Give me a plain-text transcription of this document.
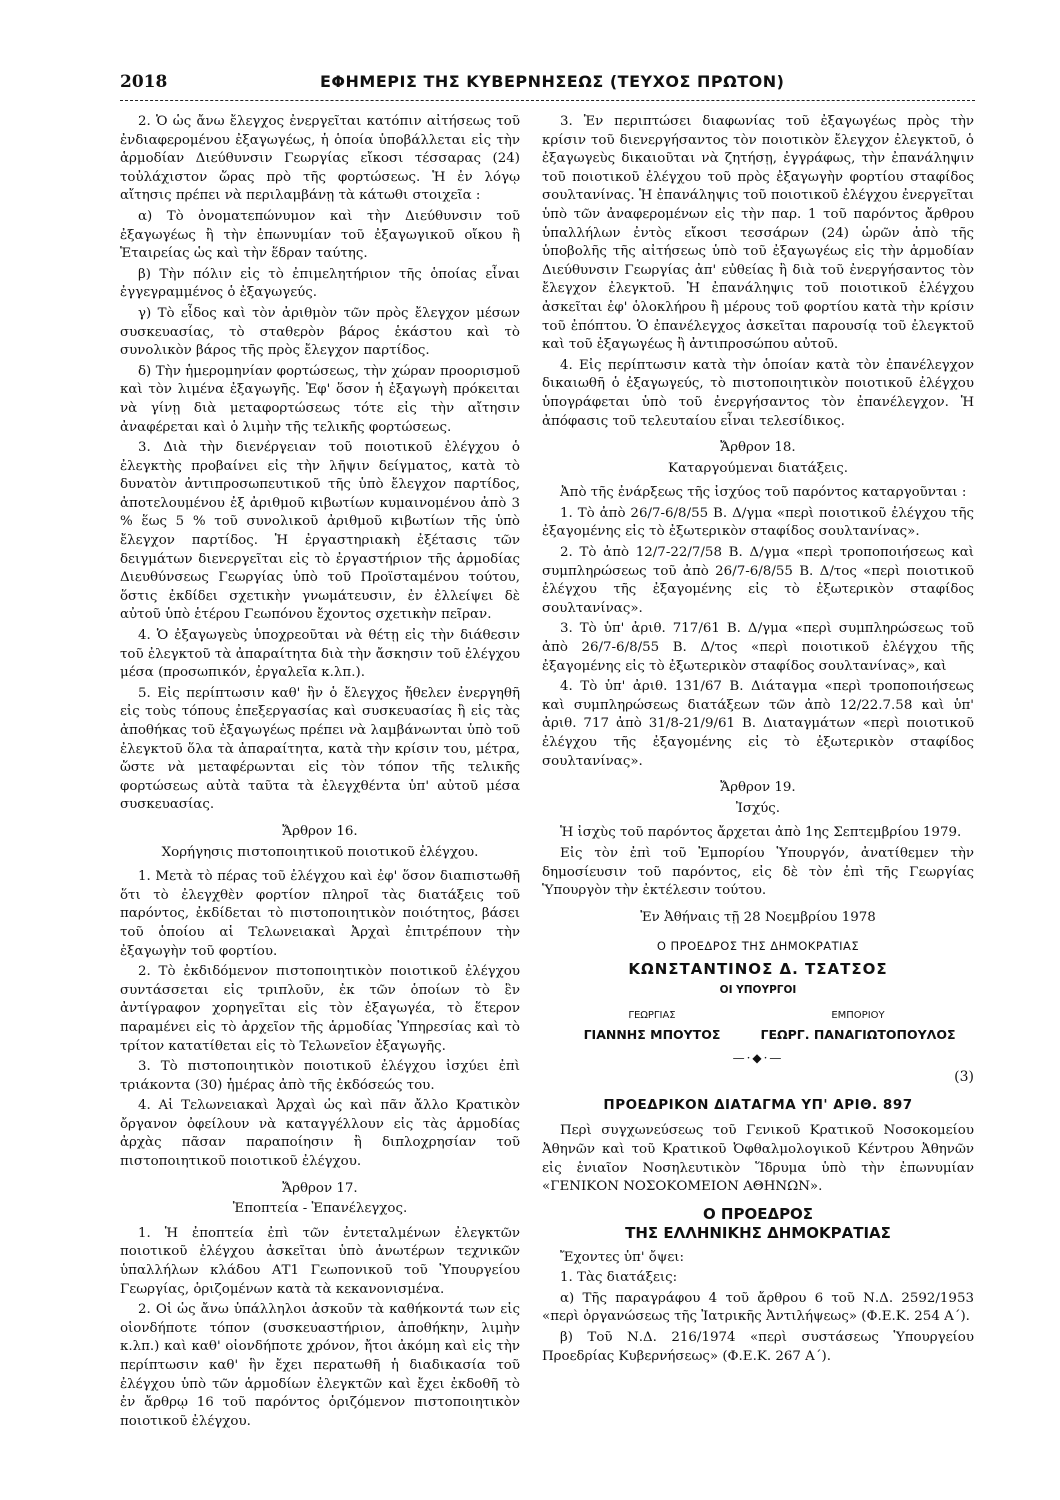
2018	ΕΦΗΜΕΡΙΣ ΤΗΣ ΚΥΒΕΡΝΗΣΕΩΣ (ΤΕΥΧΟΣ ΠΡΩΤΟΝ)

2. Ὁ ὡς ἄνω ἔλεγχος ἐνεργεῖται κατόπιν αἰτήσεως τοῦ ἐνδιαφερομένου ἐξαγωγέως, ἡ ὁποία ὑποβάλλεται εἰς τὴν ἁρμοδίαν Διεύθυνσιν Γεωργίας εἴκοσι τέσσαρας (24) τοὐλάχιστον ὥρας πρὸ τῆς φορτώσεως. Ἡ ἐν λόγῳ αἴτησις πρέπει νὰ περιλαμβάνῃ τὰ κάτωθι στοιχεῖα :

α) Τὸ ὀνοματεπώνυμον καὶ τὴν Διεύθυνσιν τοῦ ἐξαγωγέως ἢ τὴν ἐπωνυμίαν τοῦ ἐξαγωγικοῦ οἴκου ἢ Ἑταιρείας ὡς καὶ τὴν ἕδραν ταύτης.

β) Τὴν πόλιν εἰς τὸ ἐπιμελητήριον τῆς ὁποίας εἶναι ἐγγεγραμμένος ὁ ἐξαγωγεύς.

γ) Τὸ εἶδος καὶ τὸν ἀριθμὸν τῶν πρὸς ἔλεγχον μέσων συσκευασίας, τὸ σταθερὸν βάρος ἑκάστου καὶ τὸ συνολικὸν βάρος τῆς πρὸς ἔλεγχον παρτίδος.

δ) Τὴν ἡμερομηνίαν φορτώσεως, τὴν χώραν προορισμοῦ καὶ τὸν λιμένα ἐξαγωγῆς. Ἐφ' ὅσον ἡ ἐξαγωγὴ πρόκειται νὰ γίνῃ διὰ μεταφορτώσεως τότε εἰς τὴν αἴτησιν ἀναφέρεται καὶ ὁ λιμὴν τῆς τελικῆς φορτώσεως.

3. Διὰ τὴν διενέργειαν τοῦ ποιοτικοῦ ἐλέγχου ὁ ἐλεγκτὴς προβαίνει εἰς τὴν λῆψιν δείγματος, κατὰ τὸ δυνατὸν ἀντιπροσωπευτικοῦ τῆς ὑπὸ ἔλεγχον παρτίδος, ἀποτελουμένου ἐξ ἀριθμοῦ κιβωτίων κυμαινομένου ἀπὸ 3 % ἕως 5 % τοῦ συνολικοῦ ἀριθμοῦ κιβωτίων τῆς ὑπὸ ἔλεγχον παρτίδος. Ἡ ἐργαστηριακὴ ἐξέτασις τῶν δειγμάτων διενεργεῖται εἰς τὸ ἐργαστήριον τῆς ἁρμοδίας Διευθύνσεως Γεωργίας ὑπὸ τοῦ Προϊσταμένου τούτου, ὅστις ἐκδίδει σχετικὴν γνωμάτευσιν, ἐν ἐλλείψει δὲ αὐτοῦ ὑπὸ ἑτέρου Γεωπόνου ἔχοντος σχετικὴν πεῖραν.

4. Ὁ ἐξαγωγεὺς ὑποχρεοῦται νὰ θέτῃ εἰς τὴν διάθεσιν τοῦ ἐλεγκτοῦ τὰ ἀπαραίτητα διὰ τὴν ἄσκησιν τοῦ ἐλέγχου μέσα (προσωπικόν, ἐργαλεῖα κ.λπ.).

5. Εἰς περίπτωσιν καθ' ἣν ὁ ἔλεγχος ἤθελεν ἐνεργηθῆ εἰς τοὺς τόπους ἐπεξεργασίας καὶ συσκευασίας ἢ εἰς τὰς ἀποθήκας τοῦ ἐξαγωγέως πρέπει νὰ λαμβάνωνται ὑπὸ τοῦ ἐλεγκτοῦ ὅλα τὰ ἀπαραίτητα, κατὰ τὴν κρίσιν του, μέτρα, ὥστε νὰ μεταφέρωνται εἰς τὸν τόπον τῆς τελικῆς φορτώσεως αὐτὰ ταῦτα τὰ ἐλεγχθέντα ὑπ' αὐτοῦ μέσα συσκευασίας.

Ἄρθρον 16.
Χορήγησις πιστοποιητικοῦ ποιοτικοῦ ἐλέγχου.

1. Μετὰ τὸ πέρας τοῦ ἐλέγχου καὶ ἐφ' ὅσον διαπιστωθῆ ὅτι τὸ ἐλεγχθὲν φορτίον πληροῖ τὰς διατάξεις τοῦ παρόντος, ἐκδίδεται τὸ πιστοποιητικὸν ποιότητος, βάσει τοῦ ὁποίου αἱ Τελωνειακαὶ Ἀρχαὶ ἐπιτρέπουν τὴν ἐξαγωγὴν τοῦ φορτίου.

2. Τὸ ἐκδιδόμενον πιστοποιητικὸν ποιοτικοῦ ἐλέγχου συντάσσεται εἰς τριπλοῦν, ἐκ τῶν ὁποίων τὸ ἓν ἀντίγραφον χορηγεῖται εἰς τὸν ἐξαγωγέα, τὸ ἕτερον παραμένει εἰς τὸ ἀρχεῖον τῆς ἁρμοδίας Ὑπηρεσίας καὶ τὸ τρίτον κατατίθεται εἰς τὸ Τελωνεῖον ἐξαγωγῆς.

3. Τὸ πιστοποιητικὸν ποιοτικοῦ ἐλέγχου ἰσχύει ἐπὶ τριάκοντα (30) ἡμέρας ἀπὸ τῆς ἐκδόσεώς του.

4. Αἱ Τελωνειακαὶ Ἀρχαὶ ὡς καὶ πᾶν ἄλλο Κρατικὸν ὄργανον ὀφείλουν νὰ καταγγέλλουν εἰς τὰς ἁρμοδίας ἀρχὰς πᾶσαν παραποίησιν ἢ διπλοχρησίαν τοῦ πιστοποιητικοῦ ποιοτικοῦ ἐλέγχου.

Ἄρθρον 17.
Ἐποπτεία - Ἐπανέλεγχος.

1. Ἡ ἐποπτεία ἐπὶ τῶν ἐντεταλμένων ἐλεγκτῶν ποιοτικοῦ ἐλέγχου ἀσκεῖται ὑπὸ ἀνωτέρων τεχνικῶν ὑπαλλήλων κλάδου ΑΤ1 Γεωπονικοῦ τοῦ Ὑπουργείου Γεωργίας, ὁριζομένων κατὰ τὰ κεκανονισμένα.

2. Οἱ ὡς ἄνω ὑπάλληλοι ἀσκοῦν τὰ καθήκοντά των εἰς οἱονδήποτε τόπον (συσκευαστήριον, ἀποθήκην, λιμὴν κ.λπ.) καὶ καθ' οἱονδήποτε χρόνον, ἤτοι ἀκόμη καὶ εἰς τὴν περίπτωσιν καθ' ἣν ἔχει περατωθῆ ἡ διαδικασία τοῦ ἐλέγχου ὑπὸ τῶν ἁρμοδίων ἐλεγκτῶν καὶ ἔχει ἐκδοθῆ τὸ ἐν ἄρθρῳ 16 τοῦ παρόντος ὁριζόμενον πιστοποιητικὸν ποιοτικοῦ ἐλέγχου.

3. Ἐν περιπτώσει διαφωνίας τοῦ ἐξαγωγέως πρὸς τὴν κρίσιν τοῦ διενεργήσαντος τὸν ποιοτικὸν ἔλεγχον ἐλεγκτοῦ, ὁ ἐξαγωγεὺς δικαιοῦται νὰ ζητήσῃ, ἐγγράφως, τὴν ἐπανάληψιν τοῦ ποιοτικοῦ ἐλέγχου τοῦ πρὸς ἐξαγωγὴν φορτίου σταφίδος σουλτανίνας. Ἡ ἐπανάληψις τοῦ ποιοτικοῦ ἐλέγχου ἐνεργεῖται ὑπὸ τῶν ἀναφερομένων εἰς τὴν παρ. 1 τοῦ παρόντος ἄρθρου ὑπαλλήλων ἐντὸς εἴκοσι τεσσάρων (24) ὡρῶν ἀπὸ τῆς ὑποβολῆς τῆς αἰτήσεως ὑπὸ τοῦ ἐξαγωγέως εἰς τὴν ἁρμοδίαν Διεύθυνσιν Γεωργίας ἀπ' εὐθείας ἢ διὰ τοῦ ἐνεργήσαντος τὸν ἔλεγχον ἐλεγκτοῦ. Ἡ ἐπανάληψις τοῦ ποιοτικοῦ ἐλέγχου ἀσκεῖται ἐφ' ὁλοκλήρου ἢ μέρους τοῦ φορτίου κατὰ τὴν κρίσιν τοῦ ἐπόπτου. Ὁ ἐπανέλεγχος ἀσκεῖται παρουσίᾳ τοῦ ἐλεγκτοῦ καὶ τοῦ ἐξαγωγέως ἢ ἀντιπροσώπου αὐτοῦ.

4. Εἰς περίπτωσιν κατὰ τὴν ὁποίαν κατὰ τὸν ἐπανέλεγχον δικαιωθῆ ὁ ἐξαγωγεύς, τὸ πιστοποιητικὸν ποιοτικοῦ ἐλέγχου ὑπογράφεται ὑπὸ τοῦ ἐνεργήσαντος τὸν ἐπανέλεγχον. Ἡ ἀπόφασις τοῦ τελευταίου εἶναι τελεσίδικος.

Ἄρθρον 18.
Καταργούμεναι διατάξεις.

Ἀπὸ τῆς ἐνάρξεως τῆς ἰσχύος τοῦ παρόντος καταργοῦνται :

1. Τὸ ἀπὸ 26/7-6/8/55 Β. Δ/γμα «περὶ ποιοτικοῦ ἐλέγχου τῆς ἐξαγομένης εἰς τὸ ἐξωτερικὸν σταφίδος σουλτανίνας».

2. Τὸ ἀπὸ 12/7-22/7/58 Β. Δ/γμα «περὶ τροποποιήσεως καὶ συμπληρώσεως τοῦ ἀπὸ 26/7-6/8/55 Β. Δ/τος «περὶ ποιοτικοῦ ἐλέγχου τῆς ἐξαγομένης εἰς τὸ ἐξωτερικὸν σταφίδος σουλτανίνας».

3. Τὸ ὑπ' ἀριθ. 717/61 Β. Δ/γμα «περὶ συμπληρώσεως τοῦ ἀπὸ 26/7-6/8/55 Β. Δ/τος «περὶ ποιοτικοῦ ἐλέγχου τῆς ἐξαγομένης εἰς τὸ ἐξωτερικὸν σταφίδος σουλτανίνας», καὶ

4. Τὸ ὑπ' ἀριθ. 131/67 Β. Διάταγμα «περὶ τροποποιήσεως καὶ συμπληρώσεως διατάξεων τῶν ἀπὸ 12/22.7.58 καὶ ὑπ' ἀριθ. 717 ἀπὸ 31/8-21/9/61 Β. Διαταγμάτων «περὶ ποιοτικοῦ ἐλέγχου τῆς ἐξαγομένης εἰς τὸ ἐξωτερικὸν σταφίδος σουλτανίνας».

Ἄρθρον 19.
Ἰσχύς.

Ἡ ἰσχὺς τοῦ παρόντος ἄρχεται ἀπὸ 1ης Σεπτεμβρίου 1979.

Εἰς τὸν ἐπὶ τοῦ Ἐμπορίου Ὑπουργόν, ἀνατίθεμεν τὴν δημοσίευσιν τοῦ παρόντος, εἰς δὲ τὸν ἐπὶ τῆς Γεωργίας Ὑπουργὸν τὴν ἐκτέλεσιν τούτου.

Ἐν Ἀθήναις τῇ 28 Νοεμβρίου 1978
Ο ΠΡΟΕΔΡΟΣ ΤΗΣ ΔΗΜΟΚΡΑΤΙΑΣ
ΚΩΝΣΤΑΝΤΙΝΟΣ Δ. ΤΣΑΤΣΟΣ
ΟΙ ΥΠΟΥΡΓΟΙ
ΓΕΩΡΓΙΑΣ
ΓΙΑΝΝΗΣ ΜΠΟΥΤΟΣ
ΕΜΠΟΡΙΟΥ
ΓΕΩΡΓ. ΠΑΝΑΓΙΩΤΟΠΟΥΛΟΣ
—·◆·—
(3)
ΠΡΟΕΔΡΙΚΟΝ ΔΙΑΤΑΓΜΑ ΥΠ' ΑΡΙΘ. 897

Περὶ συγχωνεύσεως τοῦ Γενικοῦ Κρατικοῦ Νοσοκομείου Ἀθηνῶν καὶ τοῦ Κρατικοῦ Ὀφθαλμολογικοῦ Κέντρου Ἀθηνῶν εἰς ἑνιαῖον Νοσηλευτικὸν Ἵδρυμα ὑπὸ τὴν ἐπωνυμίαν «ΓΕΝΙΚΟΝ ΝΟΣΟΚΟΜΕΙΟΝ ΑΘΗΝΩΝ».

Ο ΠΡΟΕΔΡΟΣ
ΤΗΣ ΕΛΛΗΝΙΚΗΣ ΔΗΜΟΚΡΑΤΙΑΣ

Ἔχοντες ὑπ' ὄψει:

1. Τὰς διατάξεις:

α) Τῆς παραγράφου 4 τοῦ ἄρθρου 6 τοῦ Ν.Δ. 2592/1953 «περὶ ὀργανώσεως τῆς Ἰατρικῆς Ἀντιλήψεως» (Φ.Ε.Κ. 254 Α΄).

β) Τοῦ Ν.Δ. 216/1974 «περὶ συστάσεως Ὑπουργείου Προεδρίας Κυβερνήσεως» (Φ.Ε.Κ. 267 Α΄).
